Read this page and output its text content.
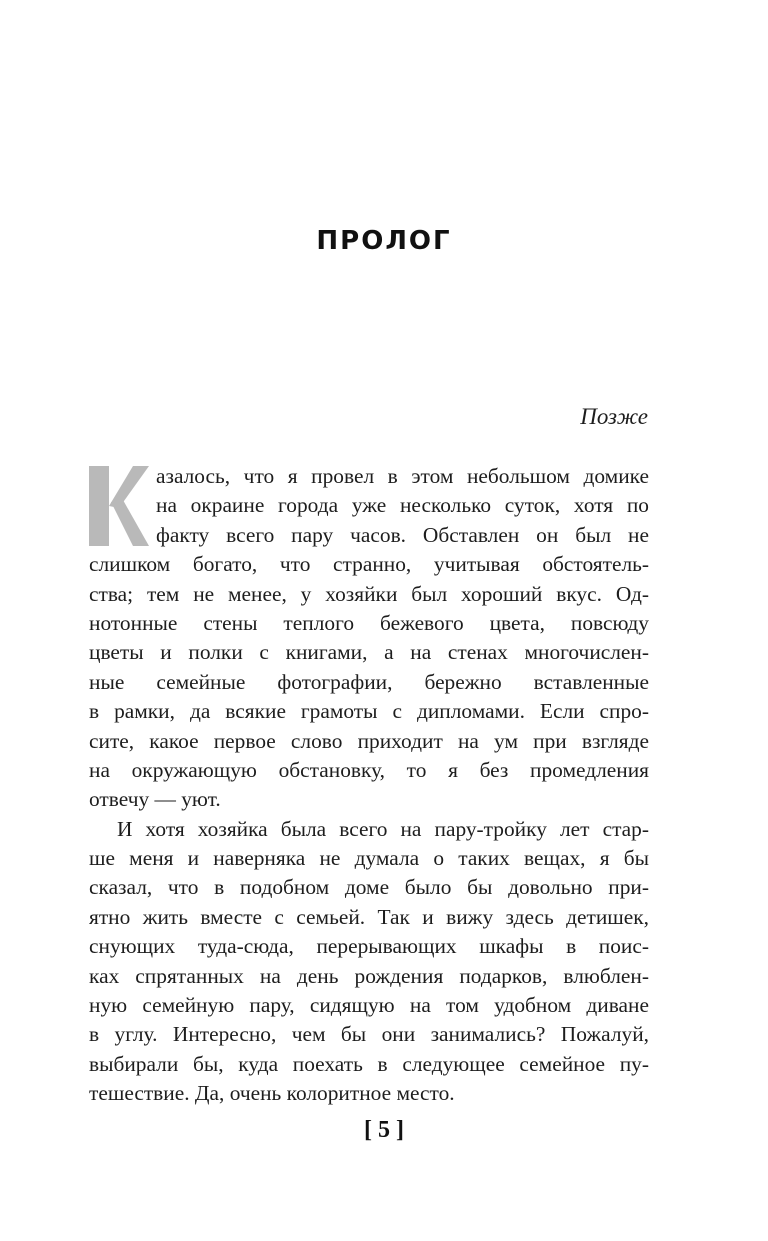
ПРОЛОГ
Позже
азалось, что я провел в этом небольшом домике
на окраине города уже несколько суток, хотя по
факту всего пару часов. Обставлен он был не
слишком богато, что странно, учитывая обстоятель-
ства; тем не менее, у хозяйки был хороший вкус. Од-
нотонные стены теплого бежевого цвета, повсюду
цветы и полки с книгами, а на стенах многочислен-
ные семейные фотографии, бережно вставленные
в рамки, да всякие грамоты с дипломами. Если спро-
сите, какое первое слово приходит на ум при взгляде
на окружающую обстановку, то я без промедления
отвечу — уют.
И хотя хозяйка была всего на пару-тройку лет стар-
ше меня и наверняка не думала о таких вещах, я бы
сказал, что в подобном доме было бы довольно при-
ятно жить вместе с семьей. Так и вижу здесь детишек,
снующих туда-сюда, перерывающих шкафы в поис-
ках спрятанных на день рождения подарков, влюблен-
ную семейную пару, сидящую на том удобном диване
в углу. Интересно, чем бы они занимались? Пожалуй,
выбирали бы, куда поехать в следующее семейное пу-
тешествие. Да, очень колоритное место.
[ 5 ]
